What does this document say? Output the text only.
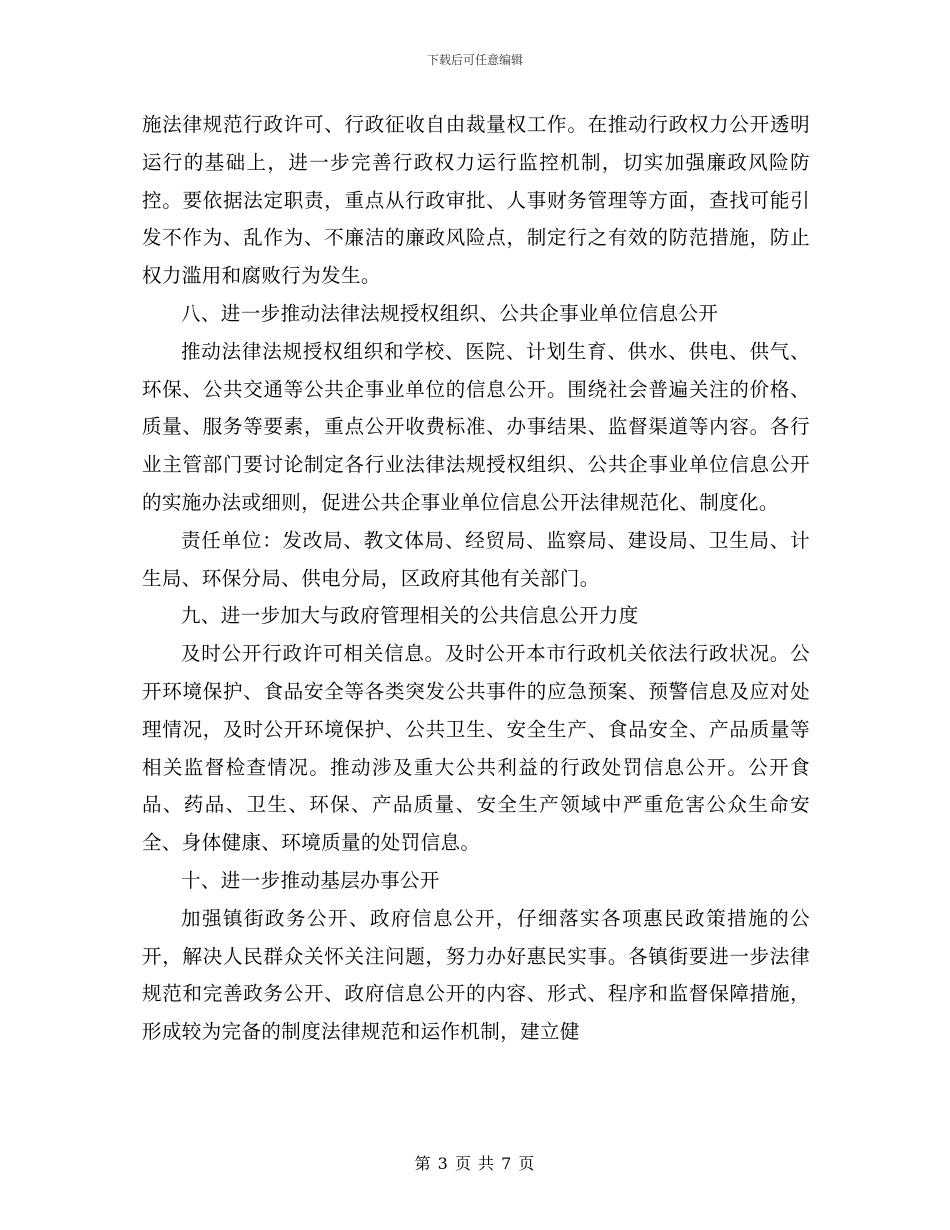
下载后可任意编辑

施法律规范行政许可、行政征收自由裁量权工作。在推动行政权力公开透明运行的基础上，进一步完善行政权力运行监控机制，切实加强廉政风险防控。要依据法定职责，重点从行政审批、人事财务管理等方面，查找可能引发不作为、乱作为、不廉洁的廉政风险点，制定行之有效的防范措施，防止权力滥用和腐败行为发生。

八、进一步推动法律法规授权组织、公共企事业单位信息公开

推动法律法规授权组织和学校、医院、计划生育、供水、供电、供气、环保、公共交通等公共企事业单位的信息公开。围绕社会普遍关注的价格、质量、服务等要素，重点公开收费标准、办事结果、监督渠道等内容。各行业主管部门要讨论制定各行业法律法规授权组织、公共企事业单位信息公开的实施办法或细则，促进公共企事业单位信息公开法律规范化、制度化。

责任单位：发改局、教文体局、经贸局、监察局、建设局、卫生局、计生局、环保分局、供电分局，区政府其他有关部门。

九、进一步加大与政府管理相关的公共信息公开力度

及时公开行政许可相关信息。及时公开本市行政机关依法行政状况。公开环境保护、食品安全等各类突发公共事件的应急预案、预警信息及应对处理情况，及时公开环境保护、公共卫生、安全生产、食品安全、产品质量等相关监督检查情况。推动涉及重大公共利益的行政处罚信息公开。公开食品、药品、卫生、环保、产品质量、安全生产领域中严重危害公众生命安全、身体健康、环境质量的处罚信息。

十、进一步推动基层办事公开

加强镇街政务公开、政府信息公开，仔细落实各项惠民政策措施的公开，解决人民群众关怀关注问题，努力办好惠民实事。各镇街要进一步法律规范和完善政务公开、政府信息公开的内容、形式、程序和监督保障措施，形成较为完备的制度法律规范和运作机制，建立健

第 3 页 共 7 页
